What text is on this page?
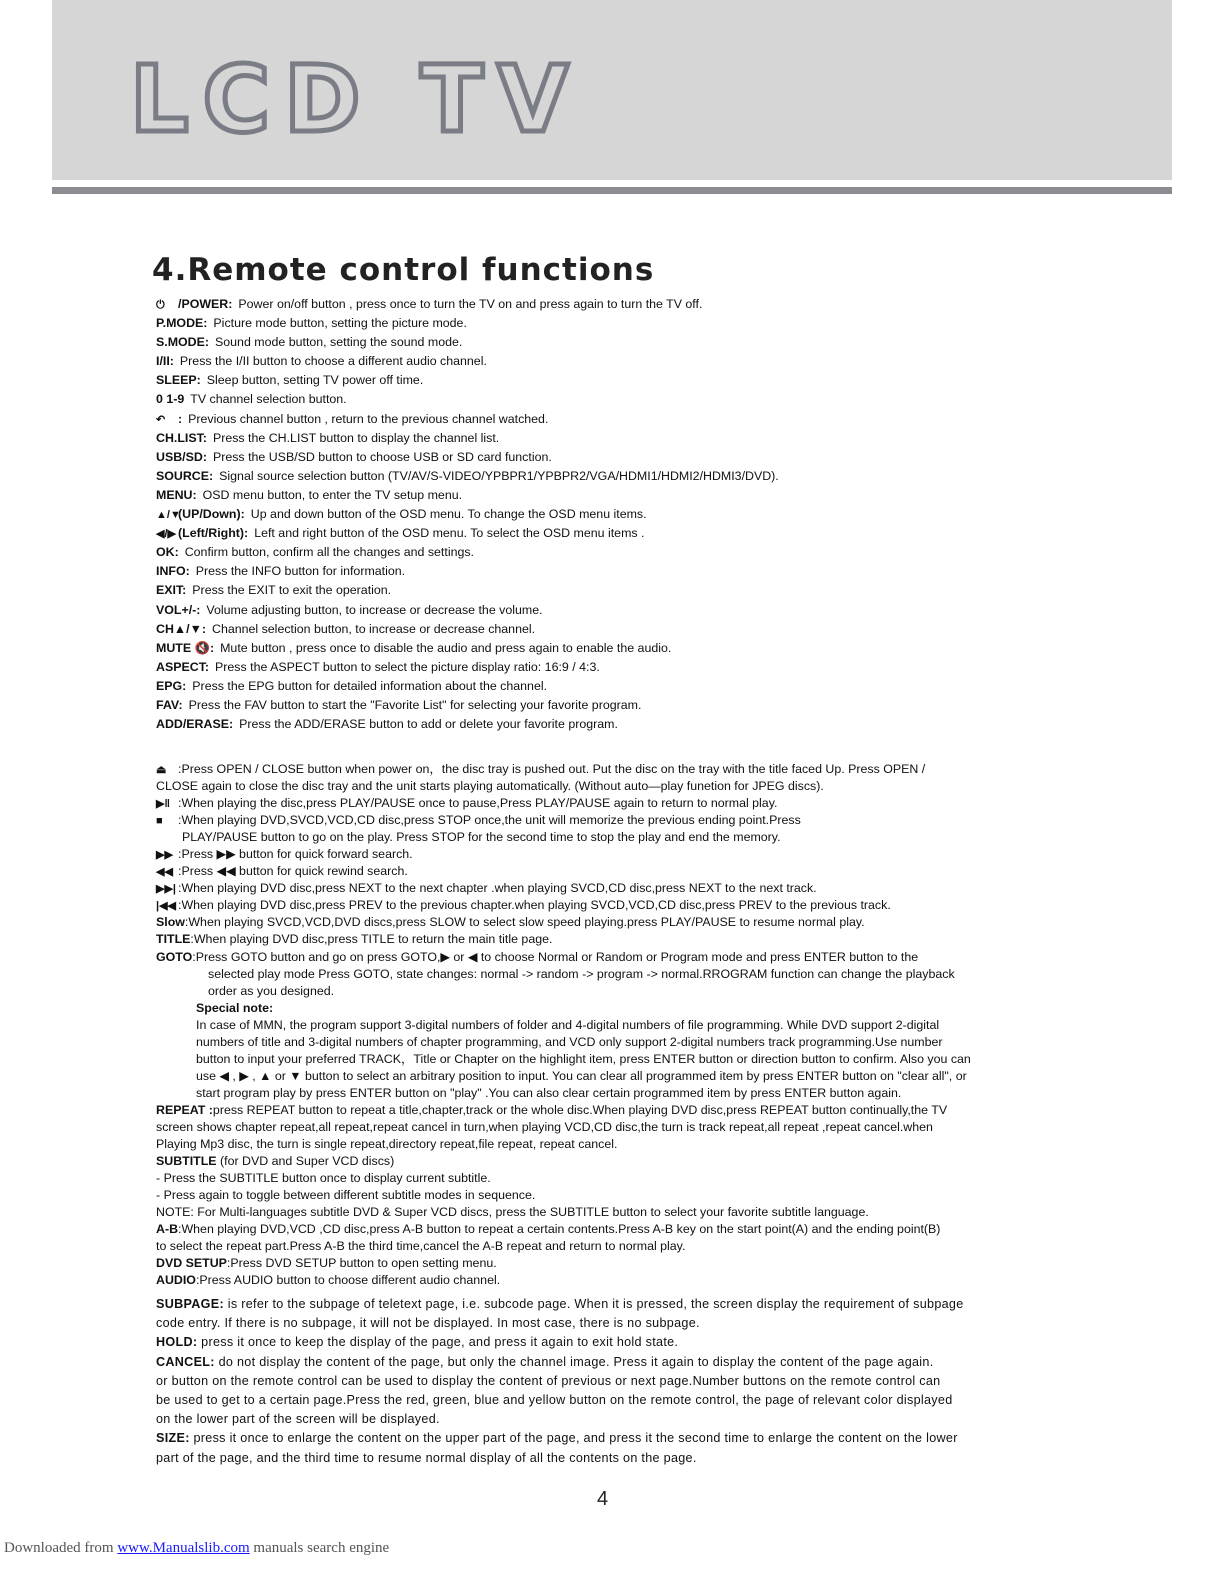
LCD TV
4.Remote control functions
⏻ /POWER: Power on/off button , press once to turn the TV on and press again to turn the TV off.
P.MODE: Picture mode button, setting the picture mode.
S.MODE: Sound mode button, setting the sound mode.
I/II: Press the I/II button to choose a different audio channel.
SLEEP: Sleep button, setting TV power off time.
0 1-9 TV channel selection button.
↶ : Previous channel button , return to the previous channel watched.
CH.LIST: Press the CH.LIST button to display the channel list.
USB/SD: Press the USB/SD button to choose USB or SD card function.
SOURCE: Signal source selection button (TV/AV/S-VIDEO/YPBPR1/YPBPR2/VGA/HDMI1/HDMI2/HDMI3/DVD).
MENU: OSD menu button, to enter the TV setup menu.
▲/▼(UP/Down): Up and down button of the OSD menu. To change the OSD menu items.
◀/▶ (Left/Right): Left and right button of the OSD menu. To select the OSD menu items .
OK: Confirm button, confirm all the changes and settings.
INFO: Press the INFO button for information.
EXIT: Press the EXIT to exit the operation.
VOL+/-: Volume adjusting button, to increase or decrease the volume.
CH▲/▼: Channel selection button, to increase or decrease channel.
MUTE 🔇: Mute button , press once to disable the audio and press again to enable the audio.
ASPECT: Press the ASPECT button to select the picture display ratio: 16:9 / 4:3.
EPG: Press the EPG button for detailed information about the channel.
FAV: Press the FAV button to start the "Favorite List" for selecting your favorite program.
ADD/ERASE: Press the ADD/ERASE button to add or delete your favorite program.
⏏ :Press OPEN / CLOSE button when power on，the disc tray is pushed out. Put the disc on the tray with the title faced Up. Press OPEN /
CLOSE again to close the disc tray and the unit starts playing automatically. (Without auto—play funetion for JPEG discs).
▶‖ :When playing the disc,press PLAY/PAUSE once to pause,Press PLAY/PAUSE again to return to normal play.
■ :When playing DVD,SVCD,VCD,CD disc,press STOP once,the unit will memorize the previous ending point.Press
PLAY/PAUSE button to go on the play. Press STOP for the second time to stop the play and end the memory.
▶▶ :Press ▶▶ button for quick forward search.
◀◀ :Press ◀◀ button for quick rewind search.
▶▶| :When playing DVD disc,press NEXT to the next chapter .when playing SVCD,CD disc,press NEXT to the next track.
|◀◀ :When playing DVD disc,press PREV to the previous chapter.when playing SVCD,VCD,CD disc,press PREV to the previous track.
Slow:When playing SVCD,VCD,DVD discs,press SLOW to select slow speed playing.press PLAY/PAUSE to resume normal play.
TITLE:When playing DVD disc,press TITLE to return the main title page.
GOTO:Press GOTO button and go on press GOTO,▶ or ◀ to choose Normal or Random or Program mode and press ENTER button to the
selected play mode Press GOTO, state changes: normal -> random -> program -> normal.RROGRAM function can change the playback
order as you designed.
Special note:
In case of MMN, the program support 3-digital numbers of folder and 4-digital numbers of file programming. While DVD support 2-digital
numbers of title and 3-digital numbers of chapter programming, and VCD only support 2-digital numbers track programming.Use number
button to input your preferred TRACK，Title or Chapter on the highlight item, press ENTER button or direction button to confirm. Also you can
use ◀ , ▶ , ▲ or ▼ button to select an arbitrary position to input. You can clear all programmed item by press ENTER button on "clear all", or
start program play by press ENTER button on "play" .You can also clear certain programmed item by press ENTER button again.
REPEAT :press REPEAT button to repeat a title,chapter,track or the whole disc.When playing DVD disc,press REPEAT button continually,the TV
screen shows chapter repeat,all repeat,repeat cancel in turn,when playing VCD,CD disc,the turn is track repeat,all repeat ,repeat cancel.when
Playing Mp3 disc, the turn is single repeat,directory repeat,file repeat, repeat cancel.
SUBTITLE (for DVD and Super VCD discs)
- Press the SUBTITLE button once to display current subtitle.
- Press again to toggle between different subtitle modes in sequence.
NOTE: For Multi-languages subtitle DVD & Super VCD discs, press the SUBTITLE button to select your favorite subtitle language.
A-B:When playing DVD,VCD ,CD disc,press A-B button to repeat a certain contents.Press A-B key on the start point(A) and the ending point(B)
to select the repeat part.Press A-B the third time,cancel the A-B repeat and return to normal play.
DVD SETUP:Press DVD SETUP button to open setting menu.
AUDIO:Press AUDIO button to choose different audio channel.
SUBPAGE: is refer to the subpage of teletext page, i.e. subcode page. When it is pressed, the screen display the requirement of subpage
code entry. If there is no subpage, it will not be displayed. In most case, there is no subpage.
HOLD: press it once to keep the display of the page, and press it again to exit hold state.
CANCEL: do not display the content of the page, but only the channel image. Press it again to display the content of the page again.
or button on the remote control can be used to display the content of previous or next page.Number buttons on the remote control can
be used to get to a certain page.Press the red, green, blue and yellow button on the remote control, the page of relevant color displayed
on the lower part of the screen will be displayed.
SIZE: press it once to enlarge the content on the upper part of the page, and press it the second time to enlarge the content on the lower
part of the page, and the third time to resume normal display of all the contents on the page.
4
Downloaded from www.Manualslib.com manuals search engine
